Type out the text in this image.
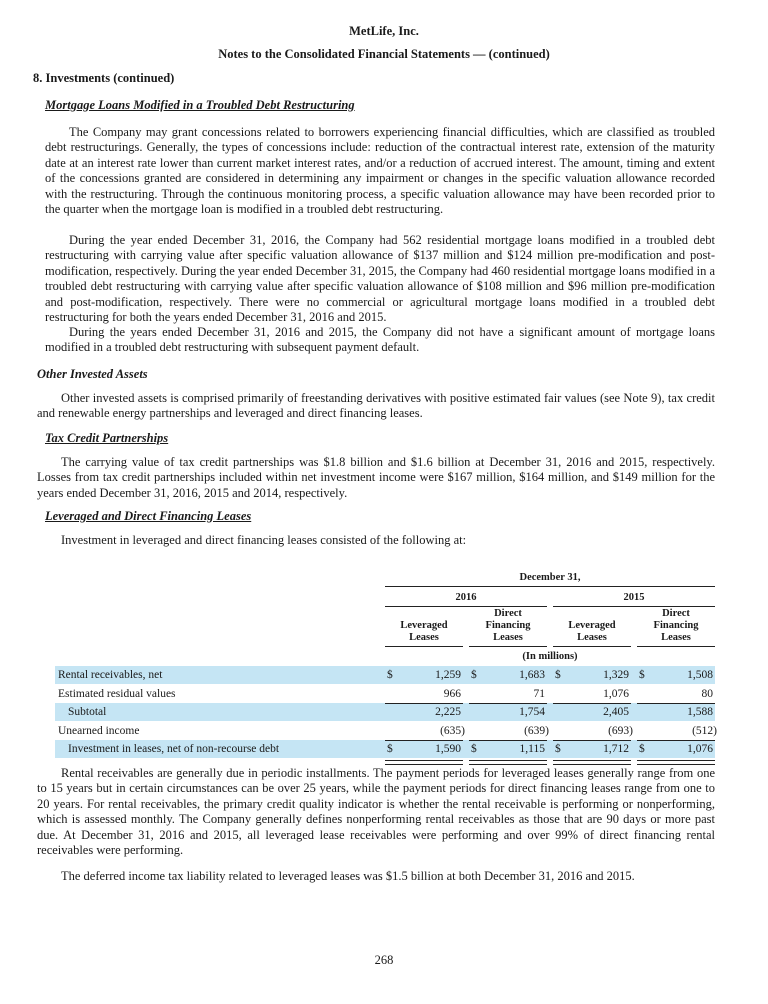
MetLife, Inc.
Notes to the Consolidated Financial Statements — (continued)
8. Investments (continued)
Mortgage Loans Modified in a Troubled Debt Restructuring
The Company may grant concessions related to borrowers experiencing financial difficulties, which are classified as troubled debt restructurings. Generally, the types of concessions include: reduction of the contractual interest rate, extension of the maturity date at an interest rate lower than current market interest rates, and/or a reduction of accrued interest. The amount, timing and extent of the concessions granted are considered in determining any impairment or changes in the specific valuation allowance recorded with the restructuring. Through the continuous monitoring process, a specific valuation allowance may have been recorded prior to the quarter when the mortgage loan is modified in a troubled debt restructuring.
During the year ended December 31, 2016, the Company had 562 residential mortgage loans modified in a troubled debt restructuring with carrying value after specific valuation allowance of $137 million and $124 million pre-modification and post-modification, respectively. During the year ended December 31, 2015, the Company had 460 residential mortgage loans modified in a troubled debt restructuring with carrying value after specific valuation allowance of $108 million and $96 million pre-modification and post-modification, respectively. There were no commercial or agricultural mortgage loans modified in a troubled debt restructuring for both the years ended December 31, 2016 and 2015.
During the years ended December 31, 2016 and 2015, the Company did not have a significant amount of mortgage loans modified in a troubled debt restructuring with subsequent payment default.
Other Invested Assets
Other invested assets is comprised primarily of freestanding derivatives with positive estimated fair values (see Note 9), tax credit and renewable energy partnerships and leveraged and direct financing leases.
Tax Credit Partnerships
The carrying value of tax credit partnerships was $1.8 billion and $1.6 billion at December 31, 2016 and 2015, respectively. Losses from tax credit partnerships included within net investment income were $167 million, $164 million, and $149 million for the years ended December 31, 2016, 2015 and 2014, respectively.
Leveraged and Direct Financing Leases
Investment in leveraged and direct financing leases consisted of the following at:
December 31,
2016	2015
Leveraged
Leases
Direct
Financing
Leases
Leveraged
Leases
Direct
Financing
Leases
(In millions)
Rental receivables, net	$	1,259 $	1,683 $	1,329 $	1,508
Estimated residual values	966	71	1,076	80
Subtotal	2,225	1,754	2,405	1,588
Unearned income	(635)	(639)	(693)	(512)
Investment in leases, net of non-recourse debt	$	1,590 $	1,115 $	1,712 $	1,076
Rental receivables are generally due in periodic installments. The payment periods for leveraged leases generally range from one to 15 years but in certain circumstances can be over 25 years, while the payment periods for direct financing leases range from one to 20 years. For rental receivables, the primary credit quality indicator is whether the rental receivable is performing or nonperforming, which is assessed monthly. The Company generally defines nonperforming rental receivables as those that are 90 days or more past due. At December 31, 2016 and 2015, all leveraged lease receivables were performing and over 99% of direct financing rental receivables were performing.
The deferred income tax liability related to leveraged leases was $1.5 billion at both December 31, 2016 and 2015.
268
